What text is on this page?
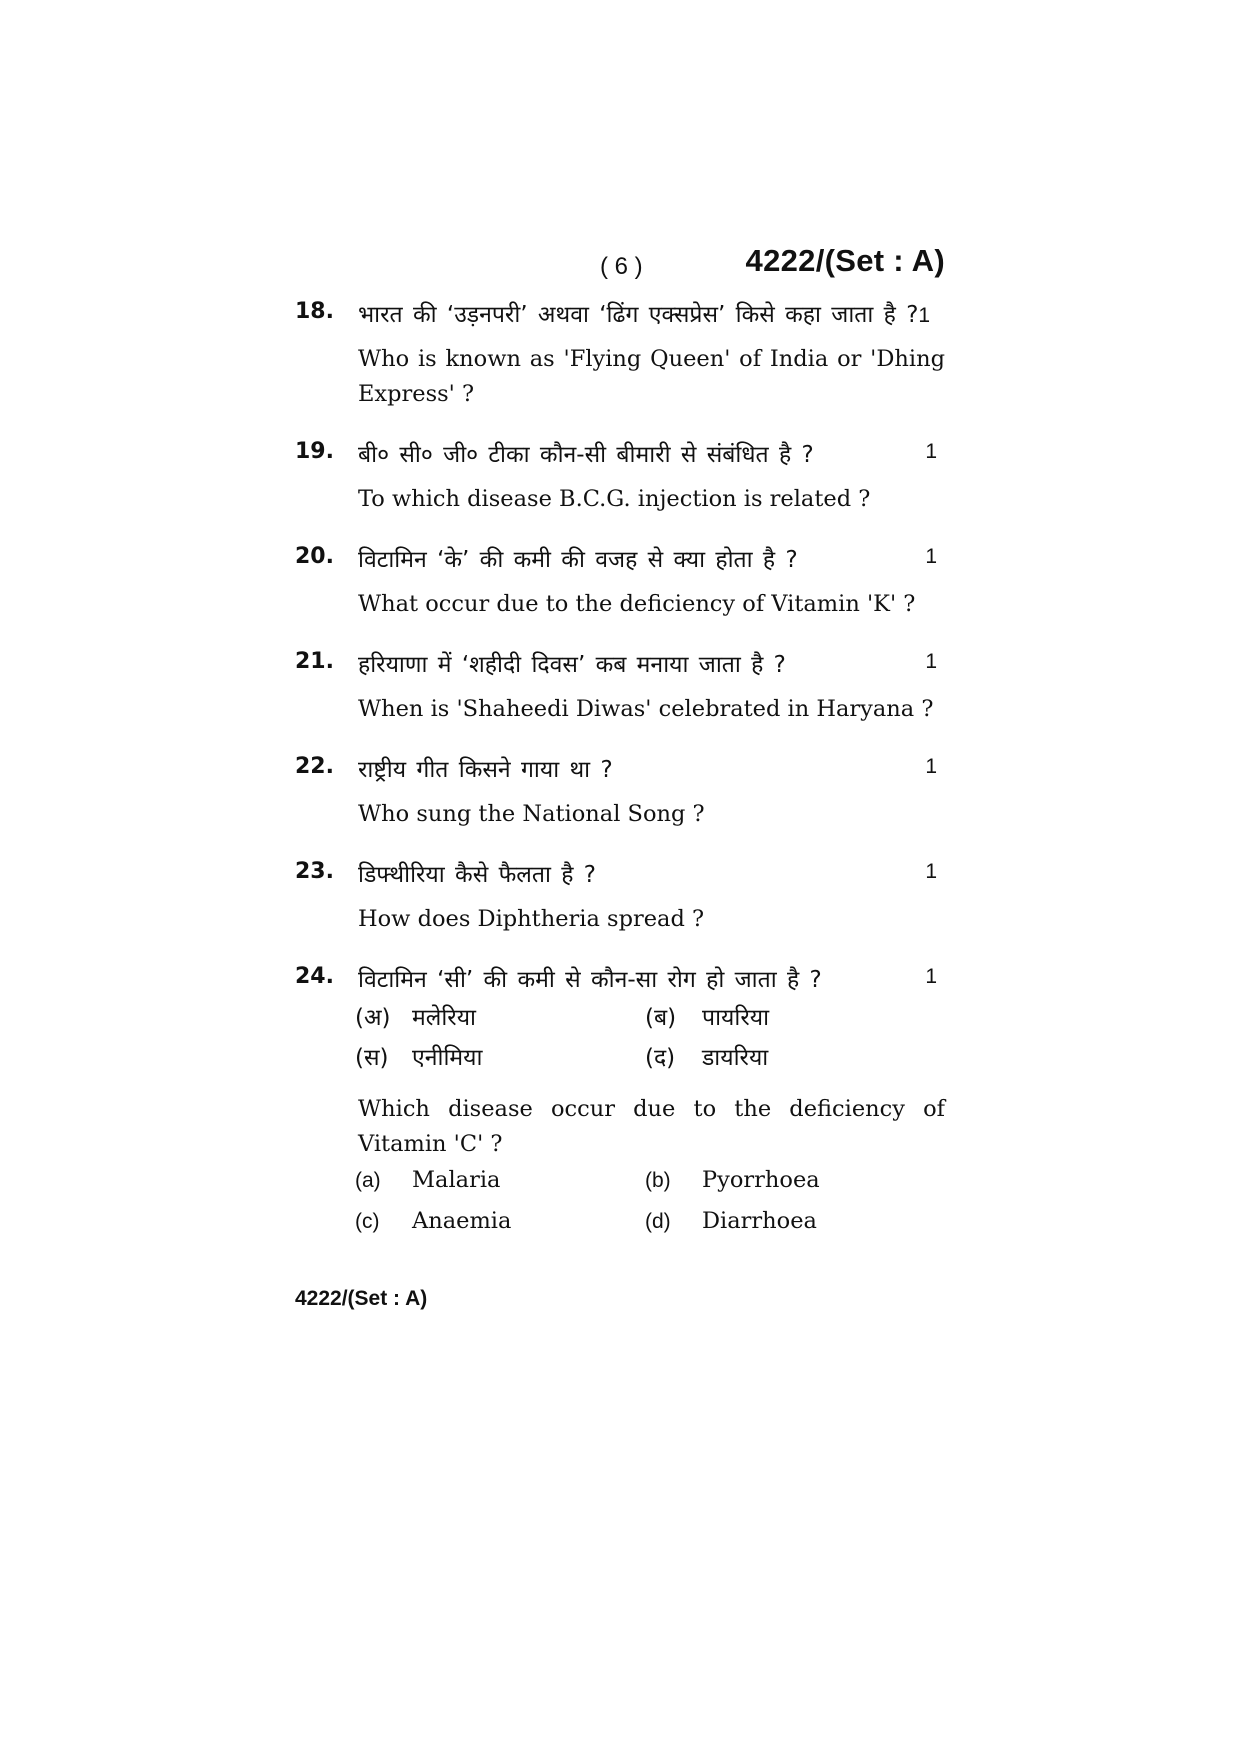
( 6 )	4222/(Set : A)
18. भारत की ‘उड़नपरी’ अथवा ‘ढिंग एक्सप्रेस’ किसे कहा जाता है ?1
Who is known as 'Flying Queen' of India or 'Dhing Express' ?
19. बी० सी० जी० टीका कौन-सी बीमारी से संबंधित है ?	1
To which disease B.C.G. injection is related ?
20. विटामिन ‘के’ की कमी की वजह से क्या होता है ?	1
What occur due to the deficiency of Vitamin 'K' ?
21. हरियाणा में ‘शहीदी दिवस’ कब मनाया जाता है ?	1
When is 'Shaheedi Diwas' celebrated in Haryana ?
22. राष्ट्रीय गीत किसने गाया था ?	1
Who sung the National Song ?
23. डिफ्थीरिया कैसे फैलता है ?	1
How does Diphtheria spread ?
24. विटामिन ‘सी’ की कमी से कौन-सा रोग हो जाता है ?	1
(अ) मलेरिया	(ब) पायरिया
(स) एनीमिया	(द) डायरिया
Which disease occur due to the deficiency of Vitamin 'C' ?
(a) Malaria	(b) Pyorrhoea
(c) Anaemia	(d) Diarrhoea
4222/(Set : A)
